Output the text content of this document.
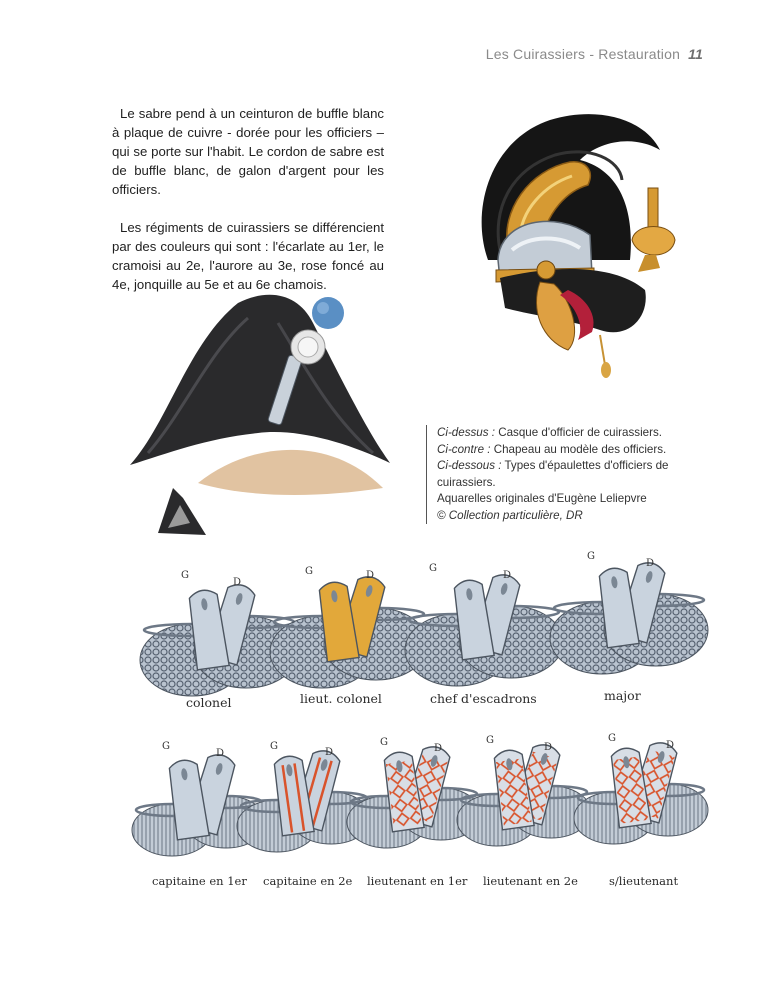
Les Cuirassiers - Restauration 11

Le sabre pend à un ceinturon de buffle blanc à plaque de cuivre - dorée pour les officiers – qui se porte sur l'habit. Le cordon de sabre est de buffle blanc, de galon d'argent pour les officiers.

Les régiments de cuirassiers se différencient par des couleurs qui sont : l'écarlate au 1er, le cramoisi au 2e, l'aurore au 3e, rose foncé au 4e, jonquille au 5e et au 6e chamois.

Ci-dessus : Casque d'officier de cuirassiers.
Ci-contre : Chapeau au modèle des officiers.
Ci-dessous : Types d'épaulettes d'officiers de cuirassiers.
Aquarelles originales d'Eugène Leliepvre
© Collection particulière, DR
colonel	lieut. colonel	chef d'escadrons	major
capitaine en 1er capitaine en 2e lieutenant en 1er lieutenant en 2e	s/lieutenant
G
D
G	D
G
D
G
D
G
D
G
D
G
D
G
D
G
D
